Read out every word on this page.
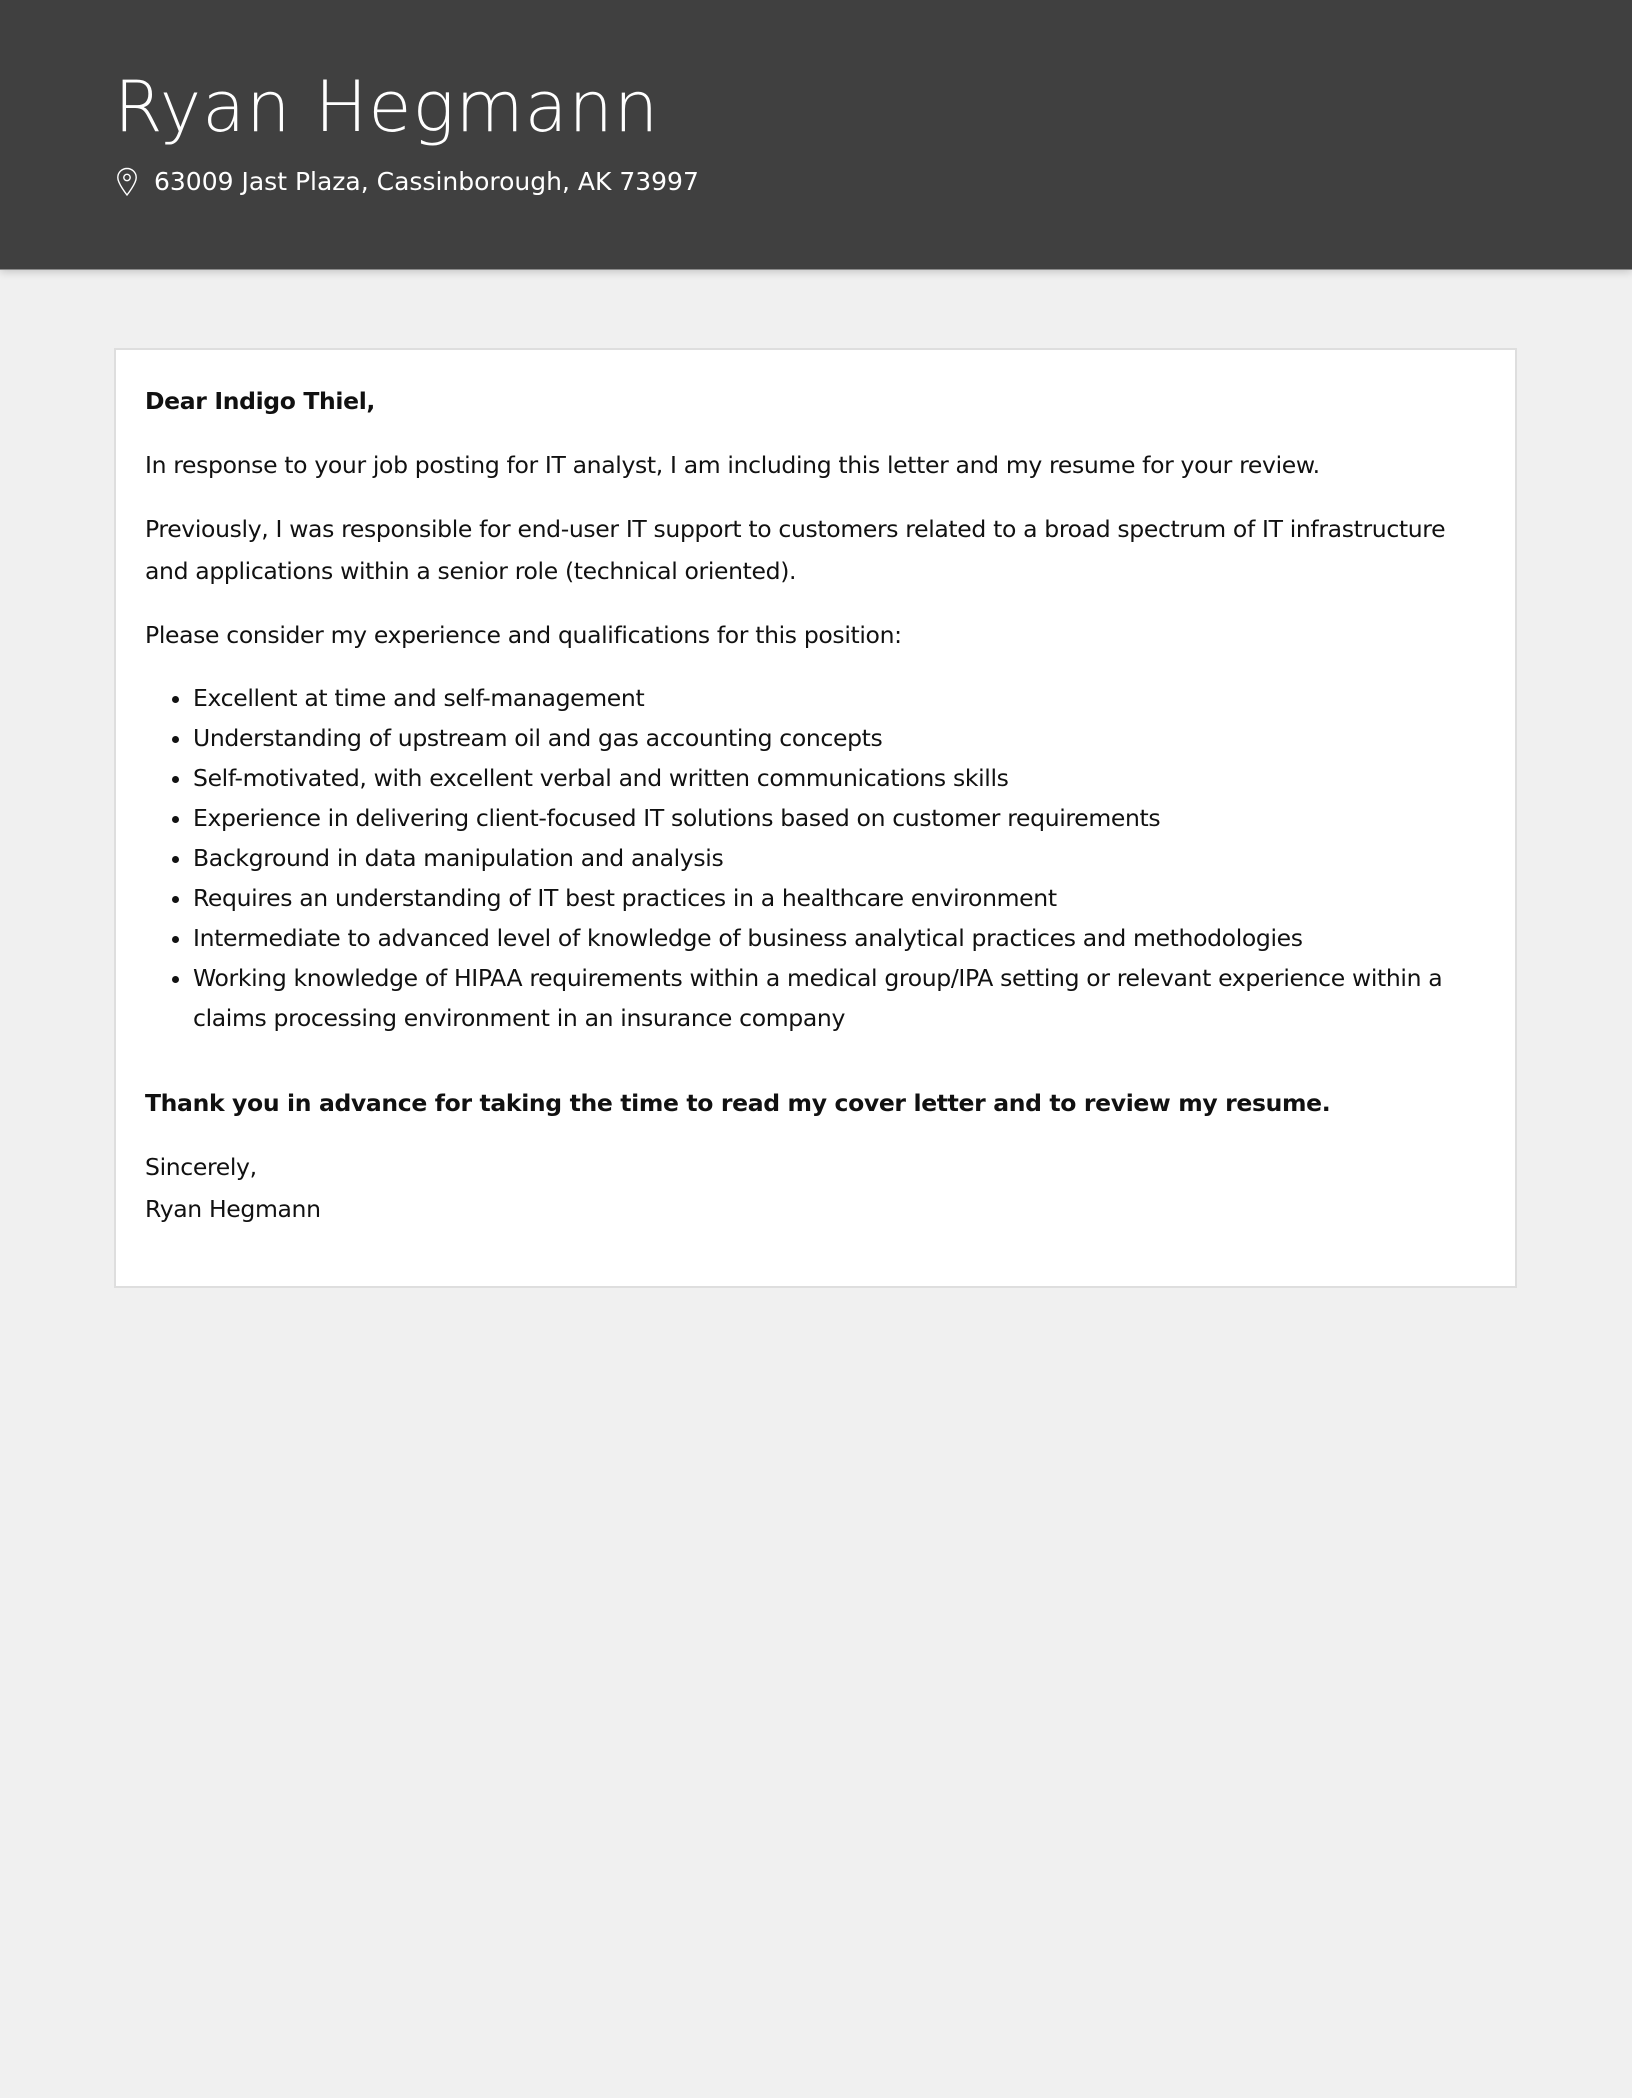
Ryan Hegmann
63009 Jast Plaza, Cassinborough, AK 73997

Dear Indigo Thiel,

In response to your job posting for IT analyst, I am including this letter and my resume for your review.

Previously, I was responsible for end-user IT support to customers related to a broad spectrum of IT infrastructure and applications within a senior role (technical oriented).

Please consider my experience and qualifications for this position:

• Excellent at time and self-management
• Understanding of upstream oil and gas accounting concepts
• Self-motivated, with excellent verbal and written communications skills
• Experience in delivering client-focused IT solutions based on customer requirements
• Background in data manipulation and analysis
• Requires an understanding of IT best practices in a healthcare environment
• Intermediate to advanced level of knowledge of business analytical practices and methodologies
• Working knowledge of HIPAA requirements within a medical group/IPA setting or relevant experience within a claims processing environment in an insurance company

Thank you in advance for taking the time to read my cover letter and to review my resume.

Sincerely,

Ryan Hegmann
